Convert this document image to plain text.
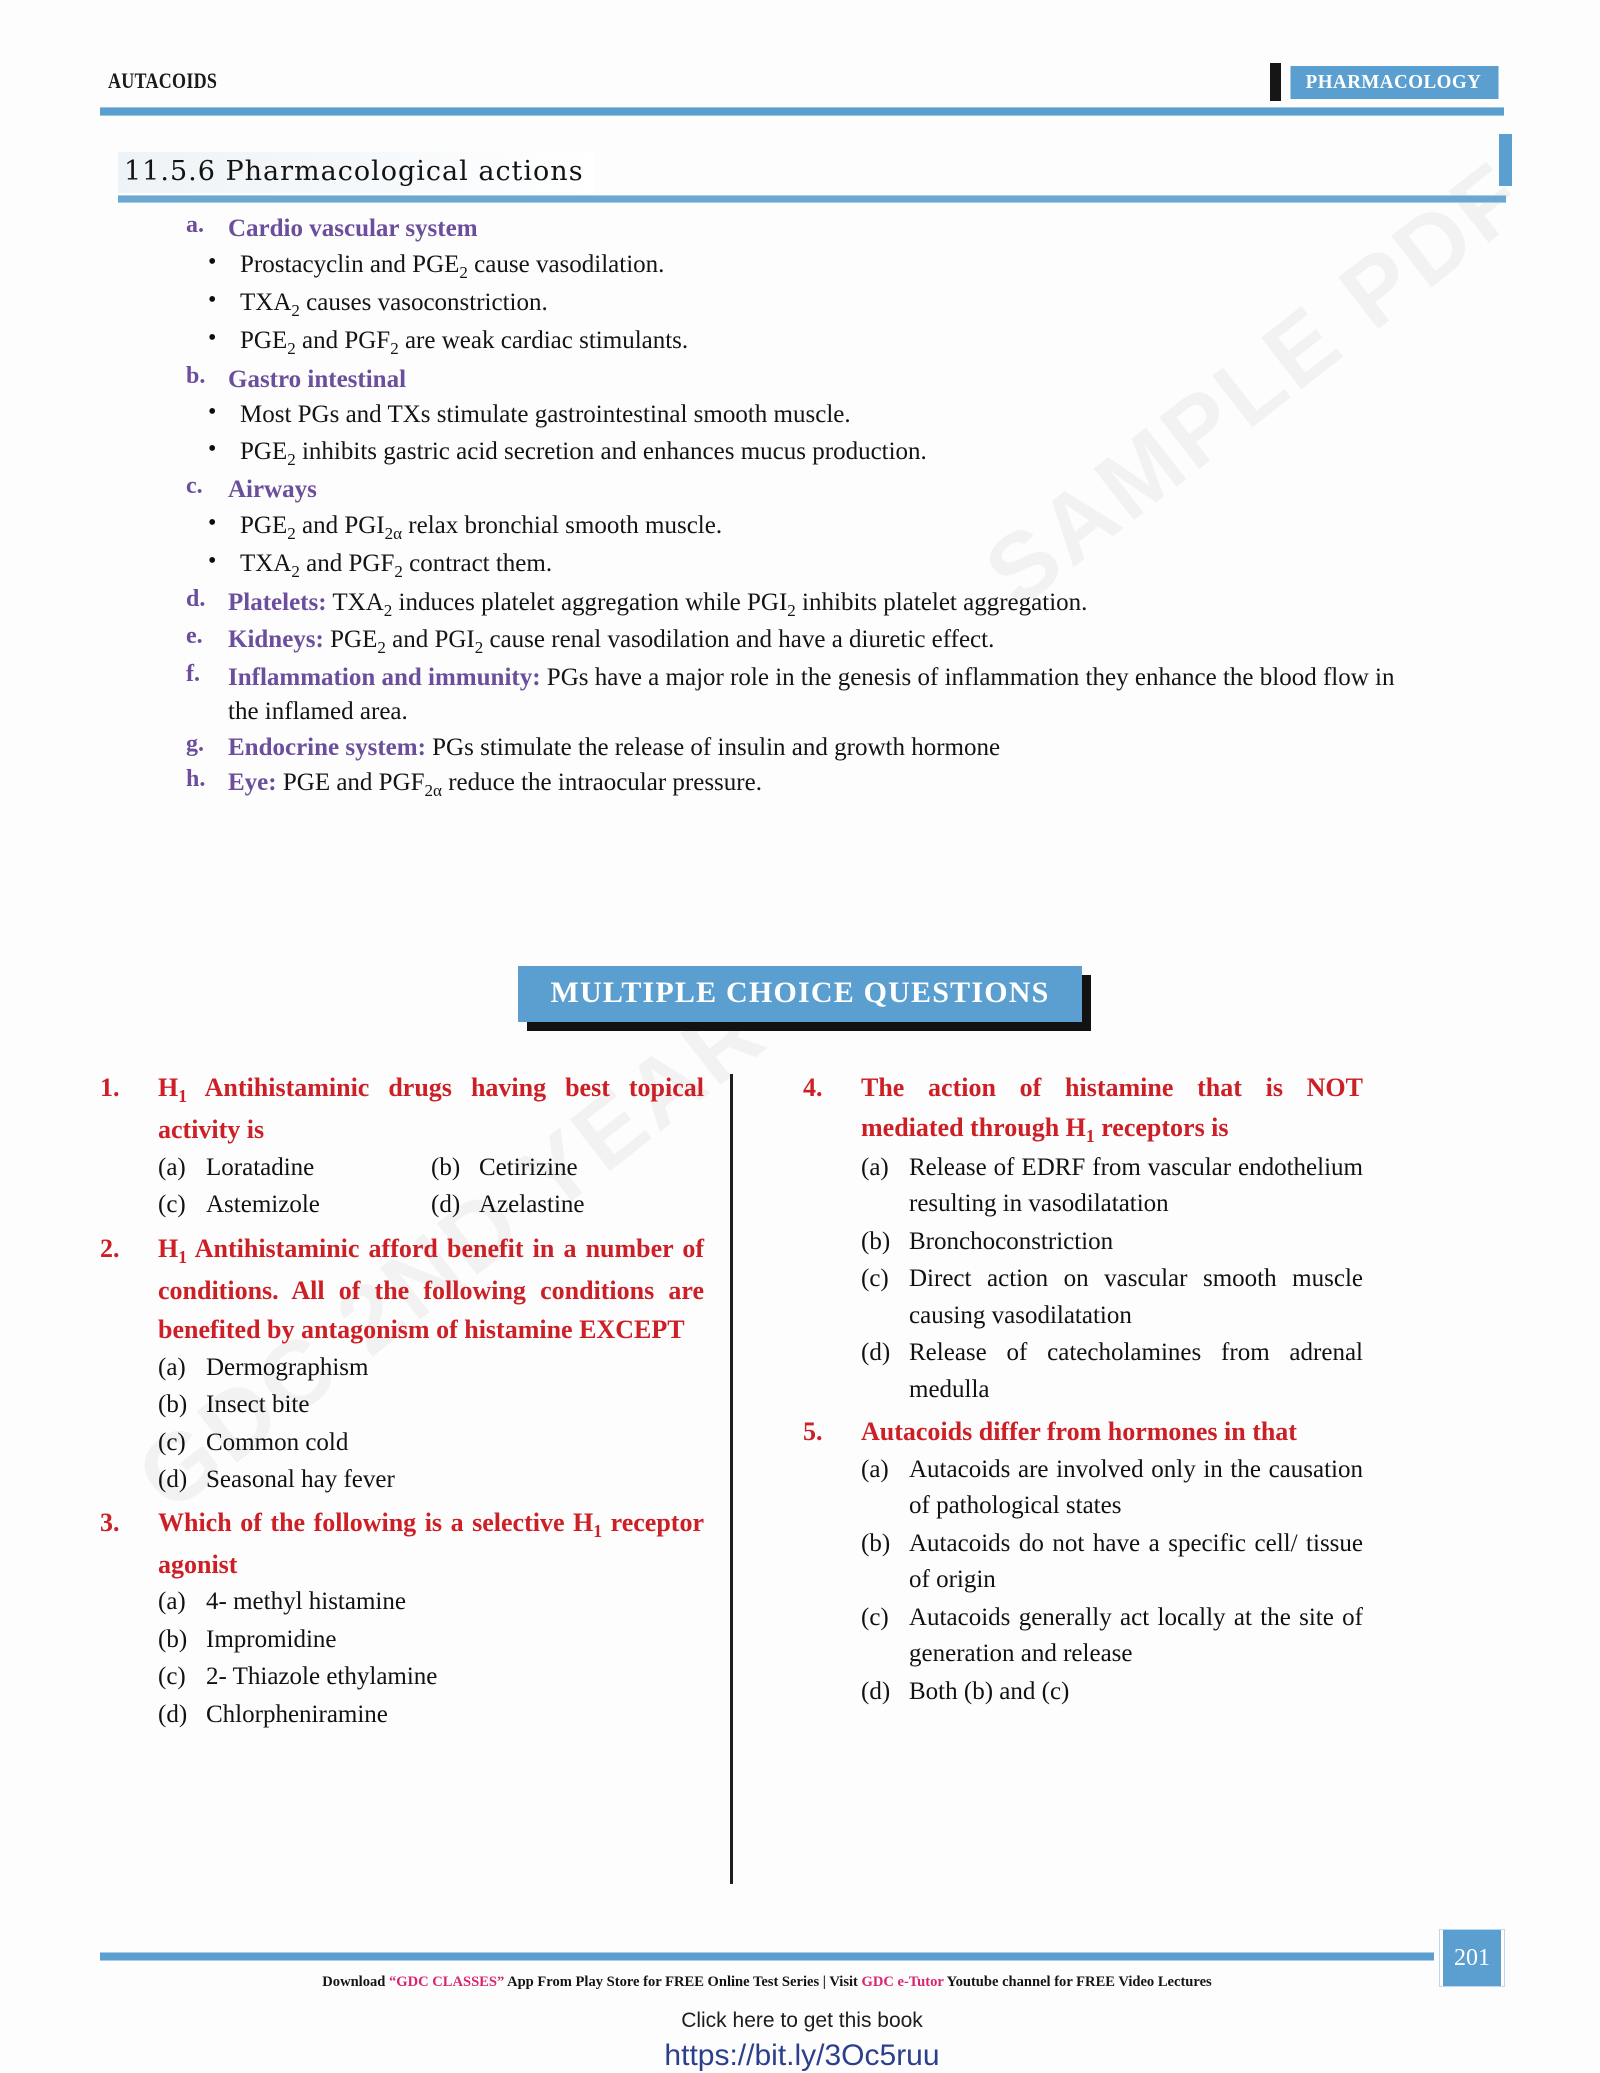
AUTACOIDS	PHARMACOLOGY
11.5.6 Pharmacological actions
a. Cardio vascular system
• Prostacyclin and $PGE_2$ cause vasodilation.
• $TXA_2$ causes vasoconstriction.
• $PGE_2$ and $PGF_2$ are weak cardiac stimulants.
b. Gastro intestinal
• Most PGs and TXs stimulate gastrointestinal smooth muscle.
• $PGE_2$ inhibits gastric acid secretion and enhances mucus production.
c.	Airways
• $PGE_2$ and $PGI_{2\alpha}$ relax bronchial smooth muscle.
• $TXA_2$ and $PGF_2$ contract them.
d. Platelets: $TXA_2$ induces platelet aggregation while $PGI_2$ inhibits platelet aggregation.
e.	Kidneys: $PGE_2$ and $PGI_2$ cause renal vasodilation and have a diuretic effect.
f.	Inflammation and immunity: PGs have a major role in the genesis of inflammation they enhance the blood flow in the inflamed area.
g. Endocrine system: PGs stimulate the release of insulin and growth hormone
h. Eye: PGE and $PGF_{2\alpha}$ reduce the intraocular pressure.
MULTIPLE CHOICE QUESTIONS
1.	$H_1$ Antihistaminic drugs having best topical activity is
(a) Loratadine	(b) Cetirizine
(c) Astemizole	(d) Azelastine
2.	$H_1$ Antihistaminic afford benefit in a number of conditions. All of the following conditions are benefited by antagonism of histamine EXCEPT
(a) Dermographism
(b) Insect bite
(c) Common cold
(d) Seasonal hay fever
3.	Which of the following is a selective $H_1$ receptor agonist
(a) 4- methyl histamine
(b) Impromidine
(c) 2- Thiazole ethylamine
(d) Chlorpheniramine
4.	The action of histamine that is NOT mediated through $H_1$ receptors is
(a) Release of EDRF from vascular endothelium resulting in vasodilatation
(b) Bronchoconstriction
(c) Direct action on vascular smooth muscle causing vasodilatation
(d) Release of catecholamines from adrenal medulla
5.	Autacoids differ from hormones in that
(a) Autacoids are involved only in the causation of pathological states
(b) Autacoids do not have a specific cell/ tissue of origin
(c) Autacoids generally act locally at the site of generation and release
(d) Both (b) and (c)
Download “GDC CLASSES” App From Play Store for FREE Online Test Series | Visit GDC e-Tutor Youtube channel for FREE Video Lectures
201
Click here to get this book
https://bit.ly/3Oc5ruu
